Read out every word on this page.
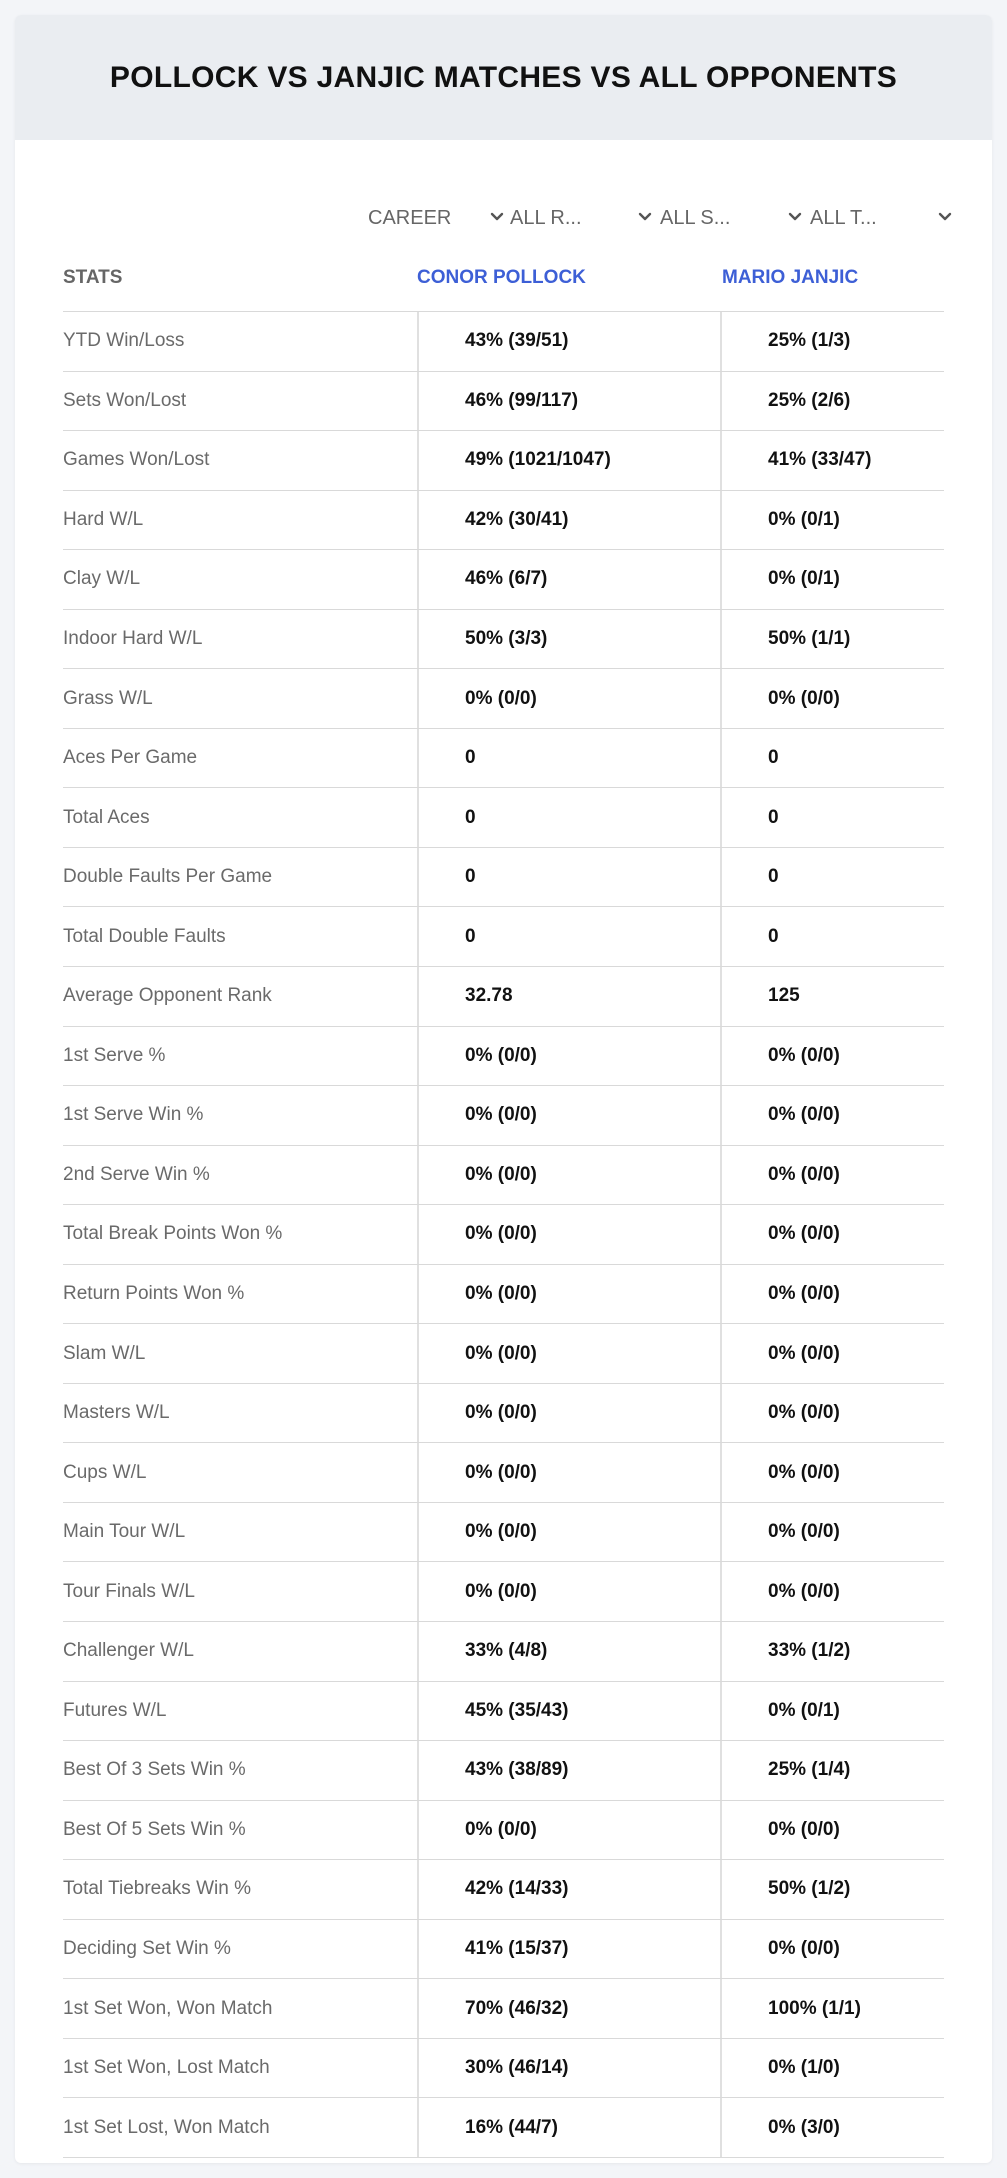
POLLOCK VS JANJIC MATCHES VS ALL OPPONENTS
CAREER	ALL R...	ALL S...	ALL T...
STATS	CONOR POLLOCK	MARIO JANJIC
YTD Win/Loss	43% (39/51)	25% (1/3)
Sets Won/Lost	46% (99/117)	25% (2/6)
Games Won/Lost	49% (1021/1047)	41% (33/47)
Hard W/L	42% (30/41)	0% (0/1)
Clay W/L	46% (6/7)	0% (0/1)
Indoor Hard W/L	50% (3/3)	50% (1/1)
Grass W/L	0% (0/0)	0% (0/0)
Aces Per Game	0	0
Total Aces	0	0
Double Faults Per Game	0	0
Total Double Faults	0	0
Average Opponent Rank	32.78	125
1st Serve %	0% (0/0)	0% (0/0)
1st Serve Win %	0% (0/0)	0% (0/0)
2nd Serve Win %	0% (0/0)	0% (0/0)
Total Break Points Won %	0% (0/0)	0% (0/0)
Return Points Won %	0% (0/0)	0% (0/0)
Slam W/L	0% (0/0)	0% (0/0)
Masters W/L	0% (0/0)	0% (0/0)
Cups W/L	0% (0/0)	0% (0/0)
Main Tour W/L	0% (0/0)	0% (0/0)
Tour Finals W/L	0% (0/0)	0% (0/0)
Challenger W/L	33% (4/8)	33% (1/2)
Futures W/L	45% (35/43)	0% (0/1)
Best Of 3 Sets Win %	43% (38/89)	25% (1/4)
Best Of 5 Sets Win %	0% (0/0)	0% (0/0)
Total Tiebreaks Win %	42% (14/33)	50% (1/2)
Deciding Set Win %	41% (15/37)	0% (0/0)
1st Set Won, Won Match	70% (46/32)	100% (1/1)
1st Set Won, Lost Match	30% (46/14)	0% (1/0)
1st Set Lost, Won Match	16% (44/7)	0% (3/0)
